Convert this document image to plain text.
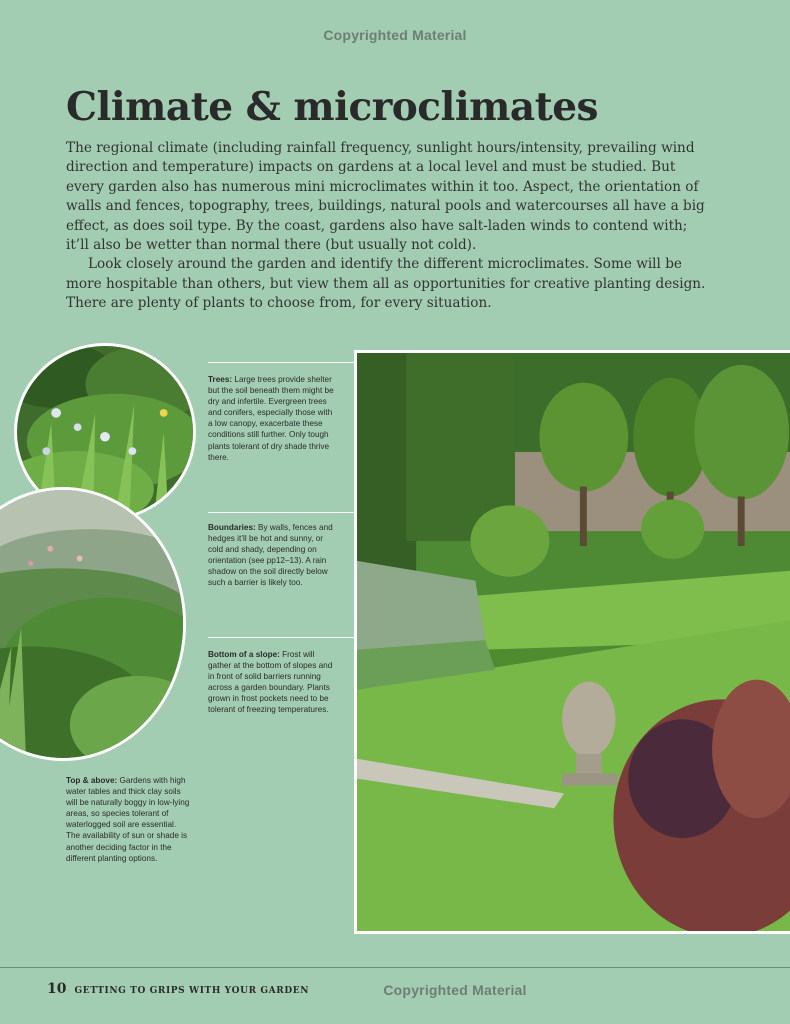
Copyrighted Material
Climate & microclimates

The regional climate (including rainfall frequency, sunlight hours/intensity, prevailing wind direction and temperature) impacts on gardens at a local level and must be studied. But every garden also has numerous mini microclimates within it too. Aspect, the orientation of walls and fences, topography, trees, buildings, natural pools and watercourses all have a big effect, as does soil type. By the coast, gardens also have salt-laden winds to contend with; it’ll also be wetter than normal there (but usually not cold).

Look closely around the garden and identify the different microclimates. Some will be more hospitable than others, but view them all as opportunities for creative planting design. There are plenty of plants to choose from, for every situation.

Trees: Large trees provide shelter but the soil beneath them might be dry and infertile. Evergreen trees and conifers, especially those with a low canopy, exacerbate these conditions still further. Only tough plants tolerant of dry shade thrive there.
Boundaries: By walls, fences and hedges it’ll be hot and sunny, or cold and shady, depending on orientation (see pp12–13). A rain shadow on the soil directly below such a barrier is likely too.
Bottom of a slope: Frost will gather at the bottom of slopes and in front of solid barriers running across a garden boundary. Plants grown in frost pockets need to be tolerant of freezing temperatures.
Top & above: Gardens with high water tables and thick clay soils will be naturally boggy in low-lying areas, so species tolerant of waterlogged soil are essential. The availability of sun or shade is another deciding factor in the different planting options.
10 GETTING TO GRIPS WITH YOUR GARDEN	Copyrighted Material
